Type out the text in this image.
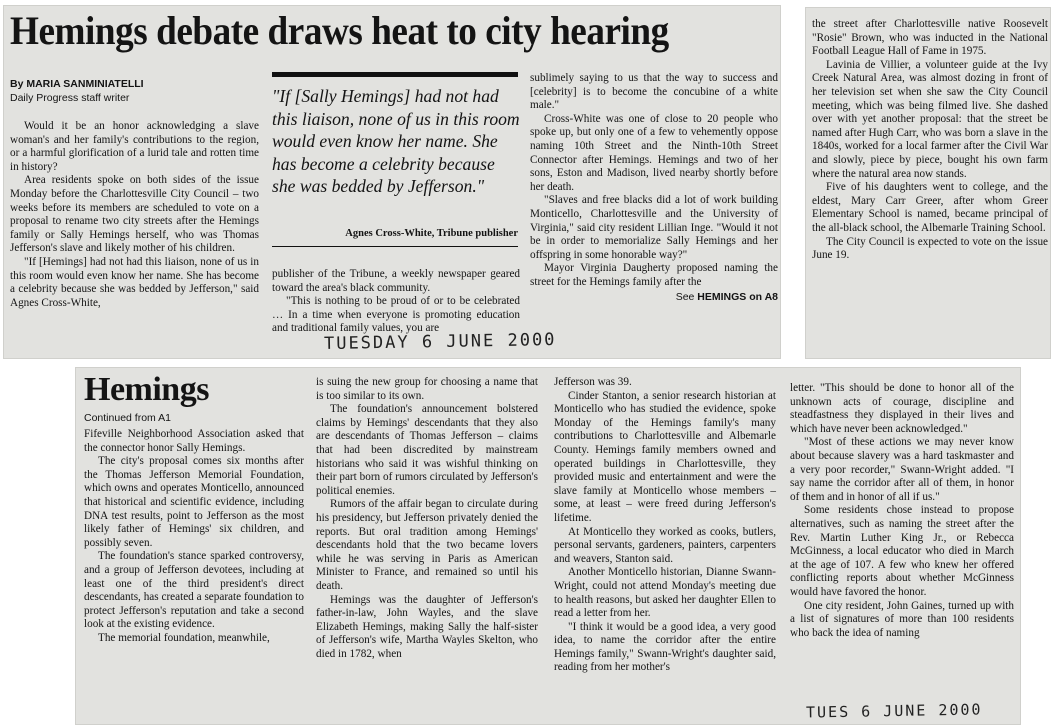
Hemings debate draws heat to city hearing
By MARIA SANMINIATELLI
Daily Progress staff writer

Would it be an honor acknowledging a slave woman's and her family's contributions to the region, or a harmful glorification of a lurid tale and rotten time in history?

Area residents spoke on both sides of the issue Monday before the Charlottesville City Council – two weeks before its members are scheduled to vote on a proposal to rename two city streets after the Hemings family or Sally Hemings herself, who was Thomas Jefferson's slave and likely mother of his children.

"If [Hemings] had not had this liaison, none of us in this room would even know her name. She has become a celebrity because she was bedded by Jefferson," said Agnes Cross-White,

"If [Sally Hemings] had not had this liaison, none of us in this room would even know her name. She has become a celebrity because she was bedded by Jefferson."
Agnes Cross-White, Tribune publisher

publisher of the Tribune, a weekly newspaper geared toward the area's black community.

"This is nothing to be proud of or to be celebrated … In a time when everyone is promoting education and traditional family values, you are

sublimely saying to us that the way to success and [celebrity] is to become the concubine of a white male."

Cross-White was one of close to 20 people who spoke up, but only one of a few to vehemently oppose naming 10th Street and the Ninth-10th Street Connector after Hemings. Hemings and two of her sons, Eston and Madison, lived nearby shortly before her death.

"Slaves and free blacks did a lot of work building Monticello, Charlottesville and the University of Virginia," said city resident Lillian Inge. "Would it not be in order to memorialize Sally Hemings and her offspring in some honorable way?"

Mayor Virginia Daugherty proposed naming the street for the Hemings family after the

See HEMINGS on A8
TUESDAY 6 JUNE 2000

the street after Charlottesville native Roosevelt "Rosie" Brown, who was inducted in the National Football League Hall of Fame in 1975.

Lavinia de Villier, a volunteer guide at the Ivy Creek Natural Area, was almost dozing in front of her television set when she saw the City Council meeting, which was being filmed live. She dashed over with yet another proposal: that the street be named after Hugh Carr, who was born a slave in the 1840s, worked for a local farmer after the Civil War and slowly, piece by piece, bought his own farm where the natural area now stands.

Five of his daughters went to college, and the eldest, Mary Carr Greer, after whom Greer Elementary School is named, became principal of the all-black school, the Albemarle Training School.

The City Council is expected to vote on the issue June 19.

Hemings
Continued from A1

Fifeville Neighborhood Association asked that the connector honor Sally Hemings.

The city's proposal comes six months after the Thomas Jefferson Memorial Foundation, which owns and operates Monticello, announced that historical and scientific evidence, including DNA test results, point to Jefferson as the most likely father of Hemings' six children, and possibly seven.

The foundation's stance sparked controversy, and a group of Jefferson devotees, including at least one of the third president's direct descendants, has created a separate foundation to protect Jefferson's reputation and take a second look at the existing evidence.

The memorial foundation, meanwhile,

is suing the new group for choosing a name that is too similar to its own.

The foundation's announcement bolstered claims by Hemings' descendants that they also are descendants of Thomas Jefferson – claims that had been discredited by mainstream historians who said it was wishful thinking on their part born of rumors circulated by Jefferson's political enemies.

Rumors of the affair began to circulate during his presidency, but Jefferson privately denied the reports. But oral tradition among Hemings' descendants hold that the two became lovers while he was serving in Paris as American Minister to France, and remained so until his death.

Hemings was the daughter of Jefferson's father-in-law, John Wayles, and the slave Elizabeth Hemings, making Sally the half-sister of Jefferson's wife, Martha Wayles Skelton, who died in 1782, when

Jefferson was 39.

Cinder Stanton, a senior research historian at Monticello who has studied the evidence, spoke Monday of the Hemings family's many contributions to Charlottesville and Albemarle County. Hemings family members owned and operated buildings in Charlottesville, they provided music and entertainment and were the slave family at Monticello whose members – some, at least – were freed during Jefferson's lifetime.

At Monticello they worked as cooks, butlers, personal servants, gardeners, painters, carpenters and weavers, Stanton said.

Another Monticello historian, Dianne Swann-Wright, could not attend Monday's meeting due to health reasons, but asked her daughter Ellen to read a letter from her.

"I think it would be a good idea, a very good idea, to name the corridor after the entire Hemings family," Swann-Wright's daughter said, reading from her mother's

letter. "This should be done to honor all of the unknown acts of courage, discipline and steadfastness they displayed in their lives and which have never been acknowledged."

"Most of these actions we may never know about because slavery was a hard taskmaster and a very poor recorder," Swann-Wright added. "I say name the corridor after all of them, in honor of them and in honor of all if us."

Some residents chose instead to propose alternatives, such as naming the street after the Rev. Martin Luther King Jr., or Rebecca McGinness, a local educator who died in March at the age of 107. A few who knew her offered conflicting reports about whether McGinness would have favored the honor.

One city resident, John Gaines, turned up with a list of signatures of more than 100 residents who back the idea of naming

TUES 6 JUNE 2000
